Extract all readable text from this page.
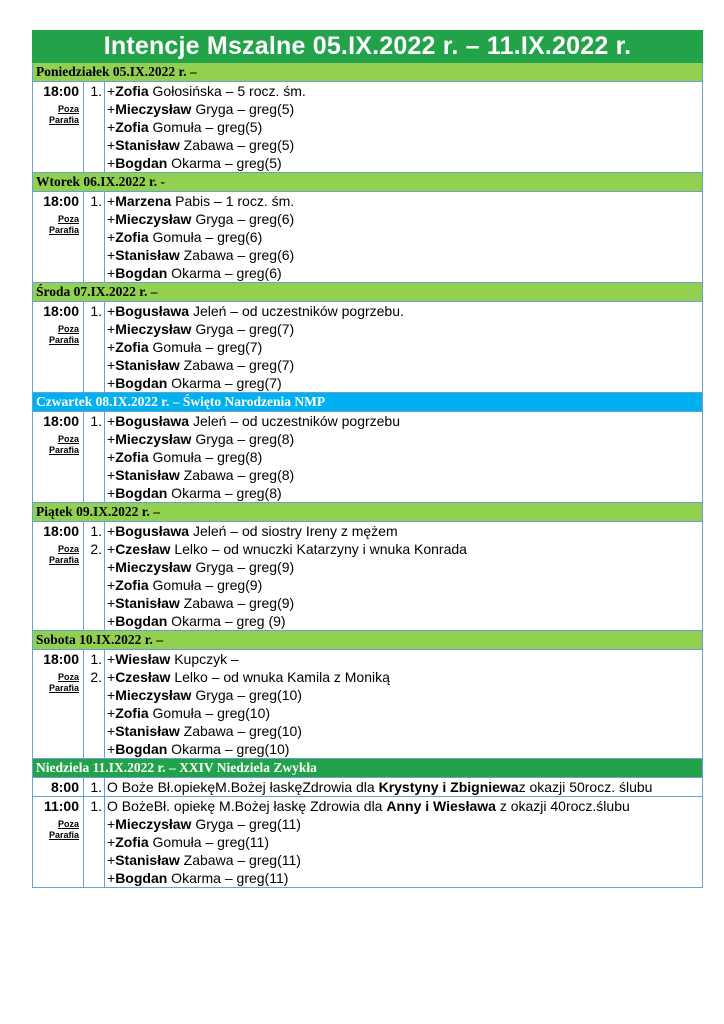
Intencje Mszalne 05.IX.2022 r. – 11.IX.2022 r.
Poniedziałek 05.IX.2022 r. –
18:00
Poza
Parafia
1. +Zofia Gołosińska – 5 rocz. śm.
+Mieczysław Gryga – greg(5)
+Zofia Gomuła – greg(5)
+Stanisław Zabawa – greg(5)
+Bogdan Okarma – greg(5)
Wtorek 06.IX.2022 r. -
18:00
Poza
Parafia
1. +Marzena Pabis – 1 rocz. śm.
+Mieczysław Gryga – greg(6)
+Zofia Gomuła – greg(6)
+Stanisław Zabawa – greg(6)
+Bogdan Okarma – greg(6)
Środa 07.IX.2022 r. –
18:00
Poza
Parafia
1. +Bogusława Jeleń – od uczestników pogrzebu.
+Mieczysław Gryga – greg(7)
+Zofia Gomuła – greg(7)
+Stanisław Zabawa – greg(7)
+Bogdan Okarma – greg(7)
Czwartek 08.IX.2022 r. – Święto Narodzenia NMP
18:00
Poza
Parafia
1. +Bogusława Jeleń – od uczestników pogrzebu
+Mieczysław Gryga – greg(8)
+Zofia Gomuła – greg(8)
+Stanisław Zabawa – greg(8)
+Bogdan Okarma – greg(8)
Piątek 09.IX.2022 r. –
18:00
Poza
Parafia
1.
2.
+Bogusława Jeleń – od siostry Ireny z mężem
+Czesław Lelko – od wnuczki Katarzyny i wnuka Konrada
+Mieczysław Gryga – greg(9)
+Zofia Gomuła – greg(9)
+Stanisław Zabawa – greg(9)
+Bogdan Okarma – greg (9)
Sobota 10.IX.2022 r. –
18:00
Poza
Parafia
1.
2.
+Wiesław Kupczyk –
+Czesław Lelko – od wnuka Kamila z Moniką
+Mieczysław Gryga – greg(10)
+Zofia Gomuła – greg(10)
+Stanisław Zabawa – greg(10)
+Bogdan Okarma – greg(10)
Niedziela 11.IX.2022 r. – XXIV Niedziela Zwykła
8:00 1. O Boże Bł.opiekęM.Bożej łaskęZdrowia dla Krystyny i Zbigniewaz okazji 50rocz. ślubu
11:00
Poza
Parafia
1. O BożeBł. opiekę M.Bożej łaskę Zdrowia dla Anny i Wiesława z okazji 40rocz.ślubu
+Mieczysław Gryga – greg(11)
+Zofia Gomuła – greg(11)
+Stanisław Zabawa – greg(11)
+Bogdan Okarma – greg(11)
